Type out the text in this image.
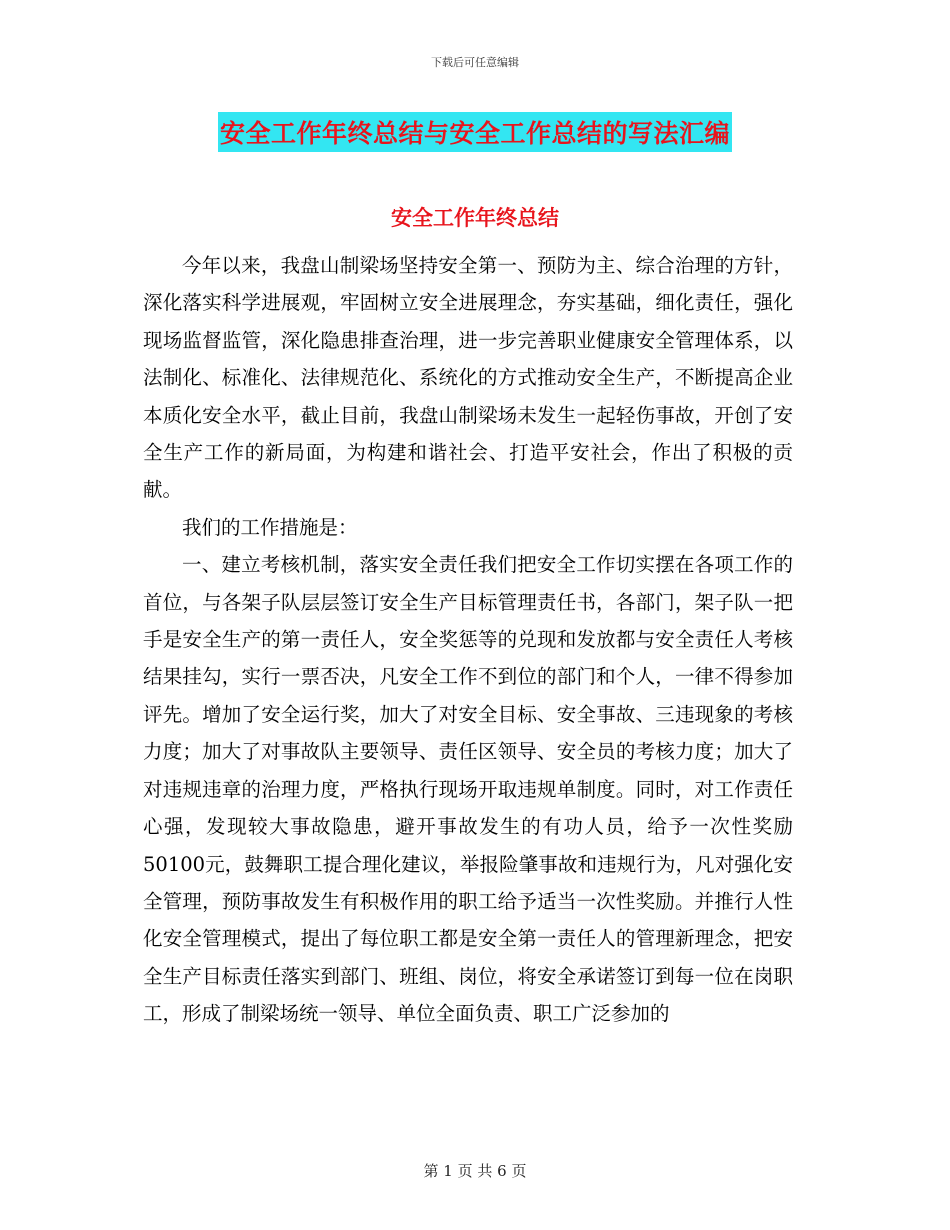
下载后可任意编辑
安全工作年终总结与安全工作总结的写法汇编
安全工作年终总结

今年以来，我盘山制梁场坚持安全第一、预防为主、综合治理的方针，深化落实科学进展观，牢固树立安全进展理念，夯实基础，细化责任，强化现场监督监管，深化隐患排查治理，进一步完善职业健康安全管理体系，以法制化、标准化、法律规范化、系统化的方式推动安全生产，不断提高企业本质化安全水平，截止目前，我盘山制梁场未发生一起轻伤事故，开创了安全生产工作的新局面，为构建和谐社会、打造平安社会，作出了积极的贡献。

我们的工作措施是：

一、建立考核机制，落实安全责任我们把安全工作切实摆在各项工作的首位，与各架子队层层签订安全生产目标管理责任书，各部门，架子队一把手是安全生产的第一责任人，安全奖惩等的兑现和发放都与安全责任人考核结果挂勾，实行一票否决，凡安全工作不到位的部门和个人，一律不得参加评先。增加了安全运行奖，加大了对安全目标、安全事故、三违现象的考核力度；加大了对事故队主要领导、责任区领导、安全员的考核力度；加大了对违规违章的治理力度，严格执行现场开取违规单制度。同时，对工作责任心强，发现较大事故隐患，避开事故发生的有功人员，给予一次性奖励50100元，鼓舞职工提合理化建议，举报险肇事故和违规行为，凡对强化安全管理，预防事故发生有积极作用的职工给予适当一次性奖励。并推行人性化安全管理模式，提出了每位职工都是安全第一责任人的管理新理念，把安全生产目标责任落实到部门、班组、岗位，将安全承诺签订到每一位在岗职工，形成了制梁场统一领导、单位全面负责、职工广泛参加的

第 1 页 共 6 页
